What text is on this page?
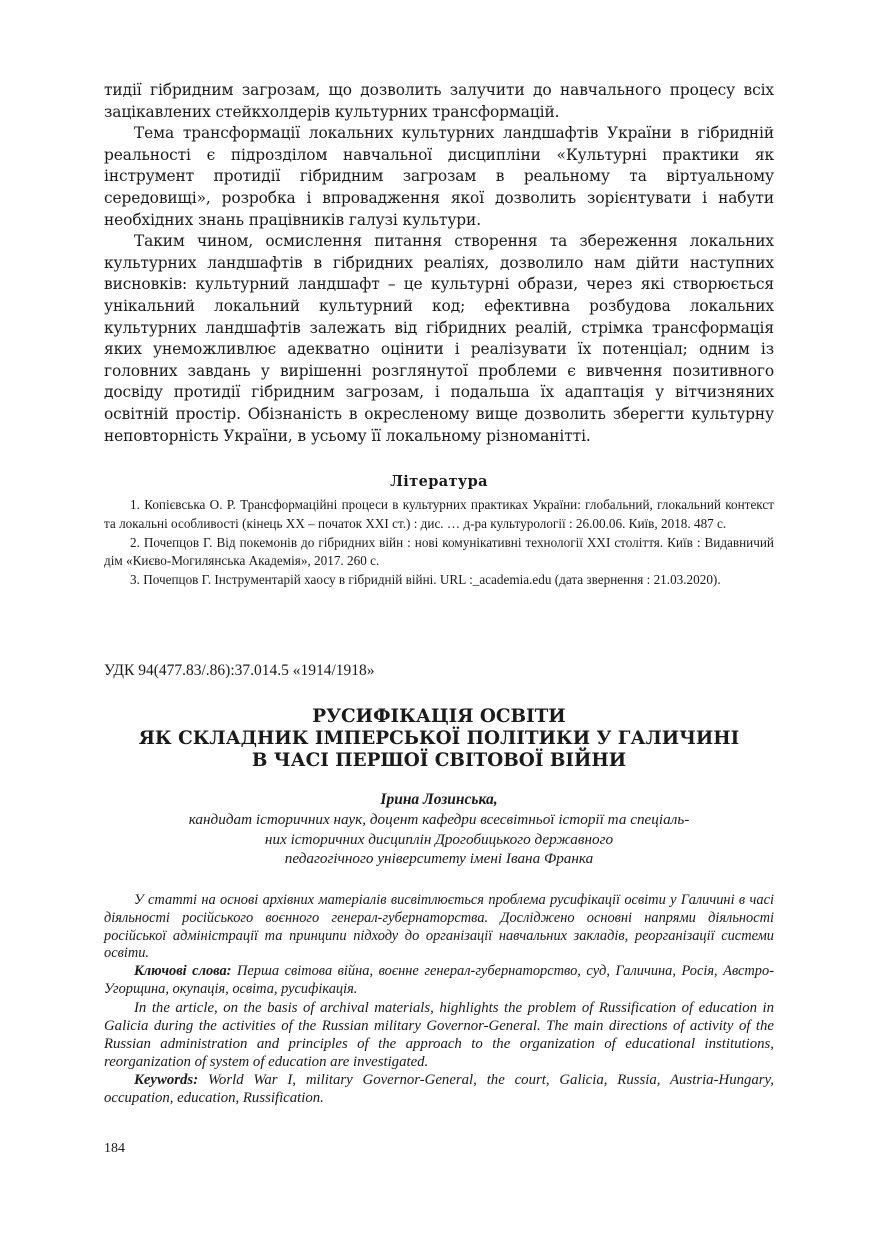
тидії гібридним загрозам, що дозволить залучити до навчального процесу всіх зацікавлених стейкхолдерів культурних трансформацій.

Тема трансформації локальних культурних ландшафтів України в гібридній реальності є підрозділом навчальної дисципліни «Культурні практики як інструмент протидії гібридним загрозам в реальному та віртуальному середовищі», розробка і впровадження якої дозволить зорієнтувати і набути необхідних знань працівників галузі культури.

Таким чином, осмислення питання створення та збереження локальних культурних ландшафтів в гібридних реаліях, дозволило нам дійти наступних висновків: культурний ландшафт – це культурні образи, через які створюється унікальний локальний культурний код; ефективна розбудова локальних культурних ландшафтів залежать від гібридних реалій, стрімка трансформація яких унеможливлює адекватно оцінити і реалізувати їх потенціал; одним із головних завдань у вирішенні розглянутої проблеми є вивчення позитивного досвіду протидії гібридним загрозам, і подальша їх адаптація у вітчизняних освітній простір. Обізнаність в окресленому вище дозволить зберегти культурну неповторність України, в усьому її локальному різноманітті.

Література

1. Копієвська О. Р. Трансформаційні процеси в культурних практиках України: глобальний, глокальний контекст та локальні особливості (кінець ХХ – початок ХХІ ст.) : дис. … д-ра культурології : 26.00.06. Київ, 2018. 487 с.

2. Почепцов Г. Від покемонів до гібридних війн : нові комунікативні технології ХХІ століття. Київ : Видавничий дім «Києво-Могилянська Академія», 2017. 260 с.

3. Почепцов Г. Інструментарій хаосу в гібридній війні. URL :_academia.edu (дата звернення : 21.03.2020).

УДК 94(477.83/.86):37.014.5 «1914/1918»
РУСИФІКАЦІЯ ОСВІТИ
ЯК СКЛАДНИК ІМПЕРСЬКОЇ ПОЛІТИКИ У ГАЛИЧИНІ
В ЧАСІ ПЕРШОЇ СВІТОВОЇ ВІЙНИ
Ірина Лозинська,
кандидат історичних наук, доцент кафедри всесвітньої історії та спеціаль-
них історичних дисциплін Дрогобицького державного
педагогічного університету імені Івана Франка

У статті на основі архівних матеріалів висвітлюється проблема русифікації освіти у Галичині в часі діяльності російського воєнного генерал-губернаторства. Досліджено основні напрями діяльності російської адміністрації та принципи підходу до організації навчальних закладів, реорганізації системи освіти.

Ключові слова: Перша світова війна, воєнне генерал-губернаторство, суд, Галичина, Росія, Австро-Угорщина, окупація, освіта, русифікація.

In the article, on the basis of archival materials, highlights the problem of Russification of education in Galicia during the activities of the Russian military Governor-General. The main directions of activity of the Russian administration and principles of the approach to the organization of educational institutions, reorganization of system of education are investigated.

Keywords: World War I, military Governor-General, the court, Galicia, Russia, Austria-Hungary, occupation, education, Russification.

184
